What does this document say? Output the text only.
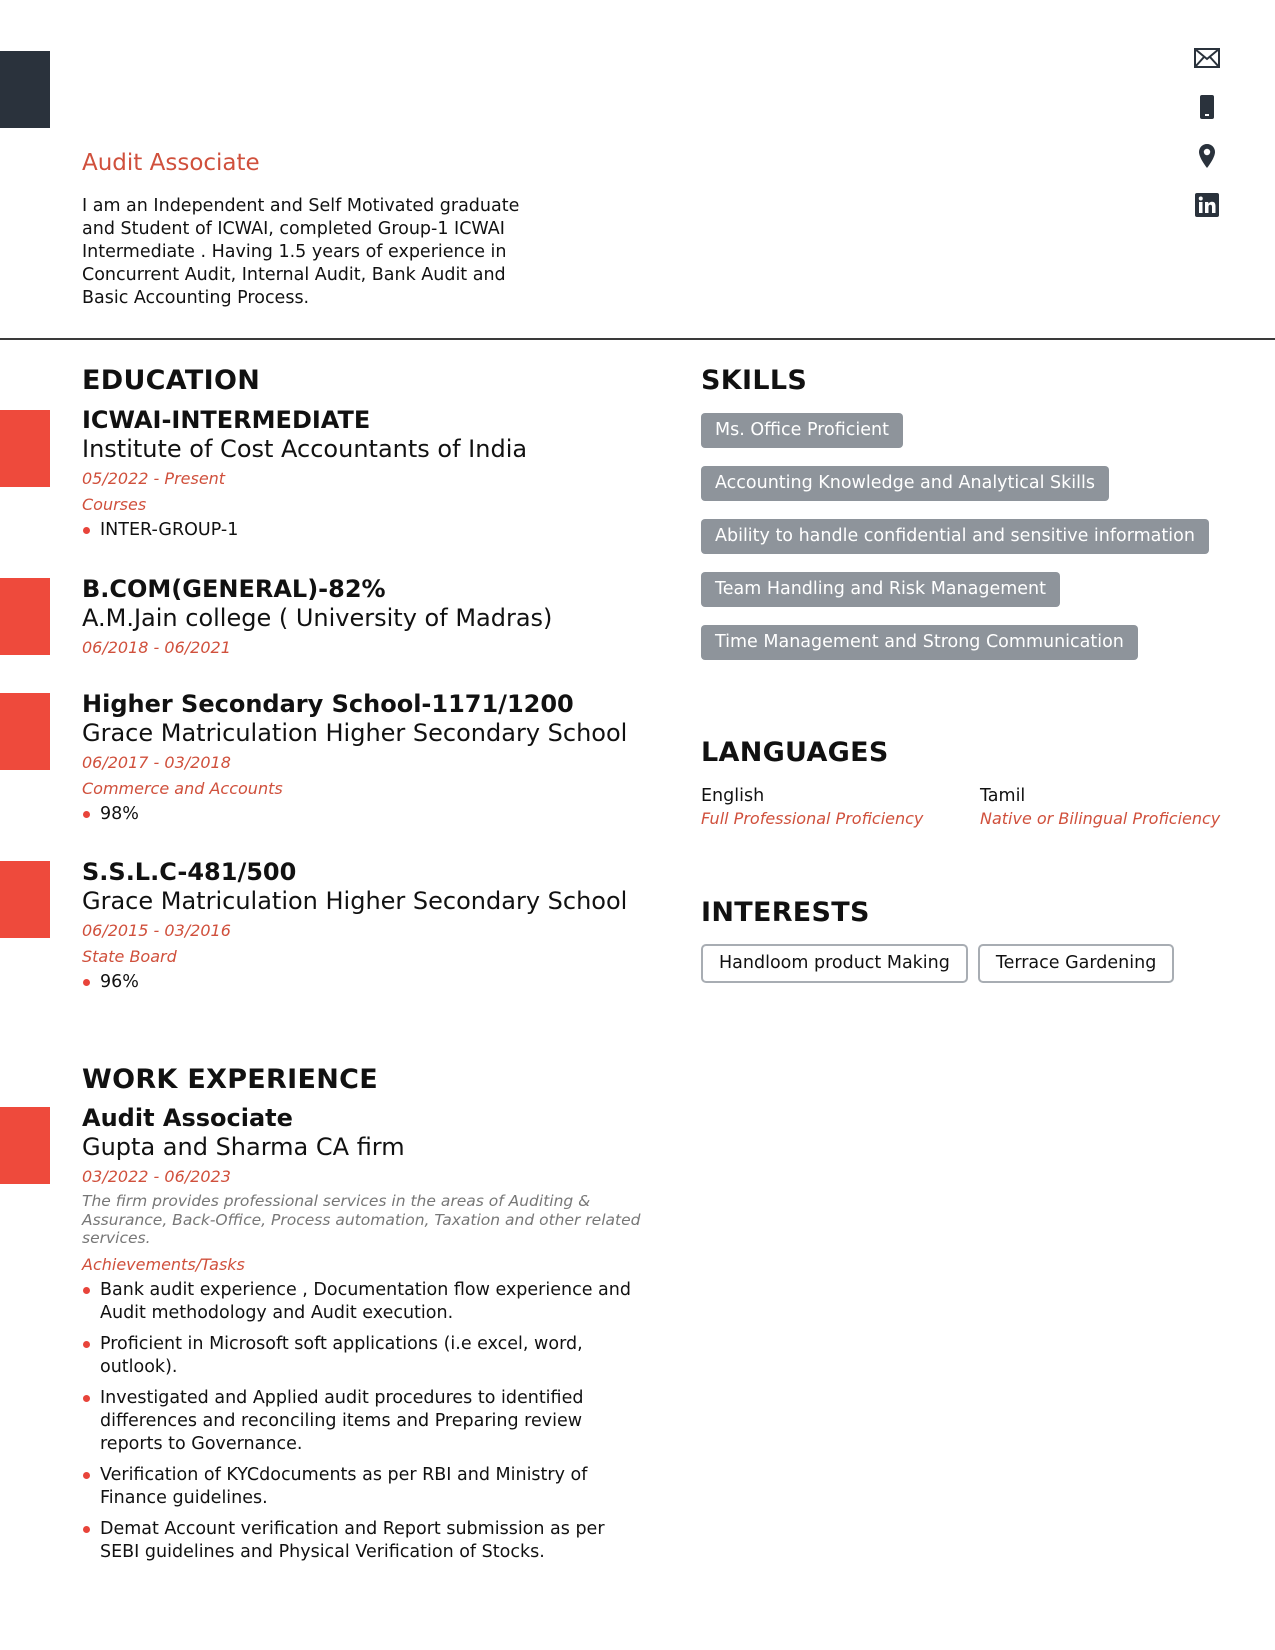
Audit Associate
I am an Independent and Self Motivated graduate and Student of ICWAI, completed Group-1 ICWAI Intermediate . Having 1.5 years of experience in Concurrent Audit, Internal Audit, Bank Audit and Basic Accounting Process.
EDUCATION
ICWAI-INTERMEDIATE
Institute of Cost Accountants of India
05/2022 - Present
Courses
INTER-GROUP-1
B.COM(GENERAL)-82%
A.M.Jain college ( University of Madras)
06/2018 - 06/2021
Higher Secondary School-1171/1200
Grace Matriculation Higher Secondary School
06/2017 - 03/2018
Commerce and Accounts
98%
S.S.L.C-481/500
Grace Matriculation Higher Secondary School
06/2015 - 03/2016
State Board
96%
WORK EXPERIENCE
Audit Associate
Gupta and Sharma CA firm
03/2022 - 06/2023
The firm provides professional services in the areas of Auditing & Assurance, Back-Office, Process automation, Taxation and other related services.
Achievements/Tasks
Bank audit experience , Documentation flow experience and Audit methodology and Audit execution.
Proficient in Microsoft soft applications (i.e excel, word, outlook).
Investigated and Applied audit procedures to identified differences and reconciling items and Preparing review reports to Governance.
Verification of KYCdocuments as per RBI and Ministry of Finance guidelines.
Demat Account verification and Report submission as per SEBI guidelines and Physical Verification of Stocks.
SKILLS
Ms. Office Proficient
Accounting Knowledge and Analytical Skills
Ability to handle confidential and sensitive information
Team Handling and Risk Management
Time Management and Strong Communication
LANGUAGES
English
Full Professional Proficiency
Tamil
Native or Bilingual Proficiency
INTERESTS
Handloom product Making	Terrace Gardening
